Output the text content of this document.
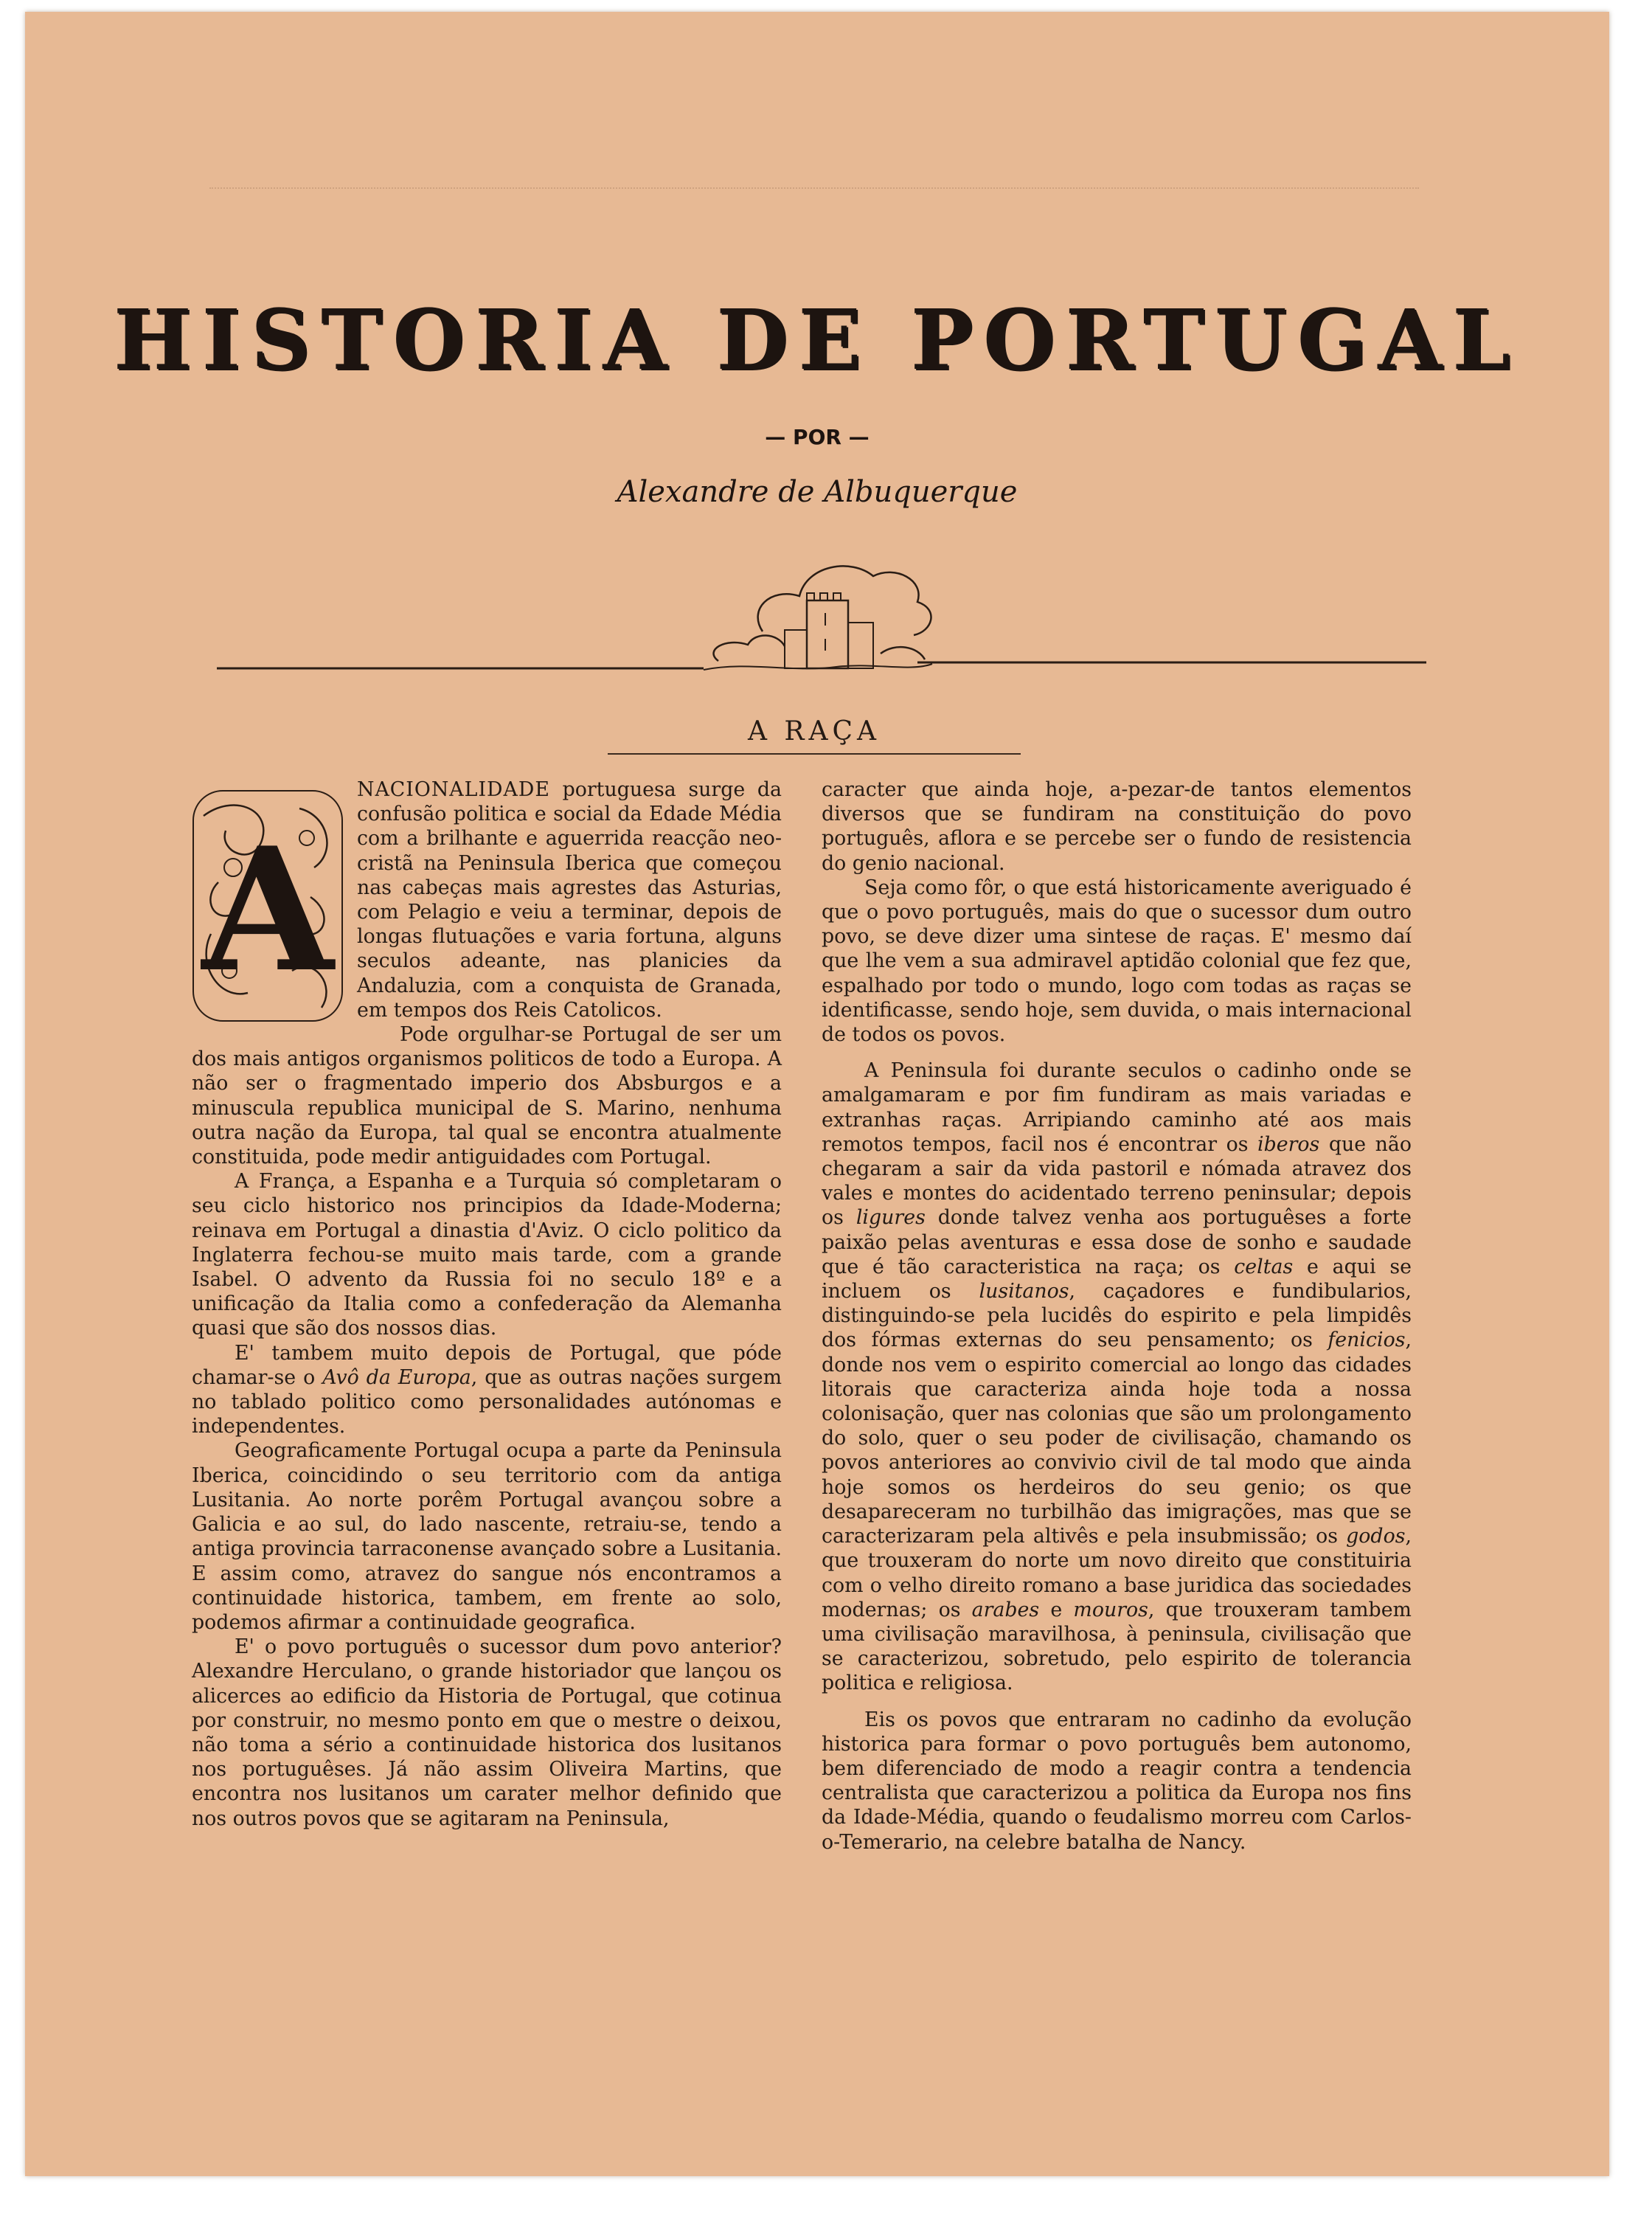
HISTORIA DE PORTUGAL
— POR —
Alexandre de Albuquerque
A RAÇA

A
NACIONALIDADE portuguesa surge da confusão politica e social da Edade Média com a brilhante e aguerrida reacção neo-cristã na Peninsula Iberica que começou nas cabeças mais agrestes das Asturias, com Pelagio e veiu a terminar, depois de longas flutuações e varia fortuna, alguns seculos adeante, nas planicies da Andaluzia, com a conquista de Granada, em tempos dos Reis Catolicos.

Pode orgulhar-se Portugal de ser um dos mais antigos organismos politicos de todo a Europa. A não ser o fragmentado imperio dos Absburgos e a minuscula republica municipal de S. Marino, nenhuma outra nação da Europa, tal qual se encontra atualmente constituida, pode medir antiguidades com Portugal.

A França, a Espanha e a Turquia só completaram o seu ciclo historico nos principios da Idade-Moderna; reinava em Portugal a dinastia d'Aviz. O ciclo politico da Inglaterra fechou-se muito mais tarde, com a grande Isabel. O advento da Russia foi no seculo 18º e a unificação da Italia como a confederação da Alemanha quasi que são dos nossos dias.

E' tambem muito depois de Portugal, que póde chamar-se o Avô da Europa, que as outras nações surgem no tablado politico como personalidades autónomas e independentes.

Geograficamente Portugal ocupa a parte da Peninsula Iberica, coincidindo o seu territorio com da antiga Lusitania. Ao norte porêm Portugal avançou sobre a Galicia e ao sul, do lado nascente, retraiu-se, tendo a antiga provincia tarraconense avançado sobre a Lusitania. E assim como, atravez do sangue nós encontramos a continuidade historica, tambem, em frente ao solo, podemos afirmar a continuidade geografica.

E' o povo português o sucessor dum povo anterior? Alexandre Herculano, o grande historiador que lançou os alicerces ao edificio da Historia de Portugal, que cotinua por construir, no mesmo ponto em que o mestre o deixou, não toma a sério a continuidade historica dos lusitanos nos portuguêses. Já não assim Oliveira Martins, que encontra nos lusitanos um carater melhor definido que nos outros povos que se agitaram na Peninsula,

caracter que ainda hoje, a-pezar-de tantos elementos diversos que se fundiram na constituição do povo português, aflora e se percebe ser o fundo de resistencia do genio nacional.

Seja como fôr, o que está historicamente averiguado é que o povo português, mais do que o sucessor dum outro povo, se deve dizer uma sintese de raças. E' mesmo daí que lhe vem a sua admiravel aptidão colonial que fez que, espalhado por todo o mundo, logo com todas as raças se identificasse, sendo hoje, sem duvida, o mais internacional de todos os povos.

A Peninsula foi durante seculos o cadinho onde se amalgamaram e por fim fundiram as mais variadas e extranhas raças. Arripiando caminho até aos mais remotos tempos, facil nos é encontrar os iberos que não chegaram a sair da vida pastoril e nómada atravez dos vales e montes do acidentado terreno peninsular; depois os ligures donde talvez venha aos portuguêses a forte paixão pelas aventuras e essa dose de sonho e saudade que é tão caracteristica na raça; os celtas e aqui se incluem os lusitanos, caçadores e fundibularios, distinguindo-se pela lucidês do espirito e pela limpidês dos fórmas externas do seu pensamento; os fenicios, donde nos vem o espirito comercial ao longo das cidades litorais que caracteriza ainda hoje toda a nossa colonisação, quer nas colonias que são um prolongamento do solo, quer o seu poder de civilisação, chamando os povos anteriores ao convivio civil de tal modo que ainda hoje somos os herdeiros do seu genio; os que desapareceram no turbilhão das imigrações, mas que se caracterizaram pela altivês e pela insubmissão; os godos, que trouxeram do norte um novo direito que constituiria com o velho direito romano a base juridica das sociedades modernas; os arabes e mouros, que trouxeram tambem uma civilisação maravilhosa, à peninsula, civilisação que se caracterizou, sobretudo, pelo espirito de tolerancia politica e religiosa.

Eis os povos que entraram no cadinho da evolução historica para formar o povo português bem autonomo, bem diferenciado de modo a reagir contra a tendencia centralista que caracterizou a politica da Europa nos fins da Idade-Média, quando o feudalismo morreu com Carlos-o-Temerario, na celebre batalha de Nancy.
